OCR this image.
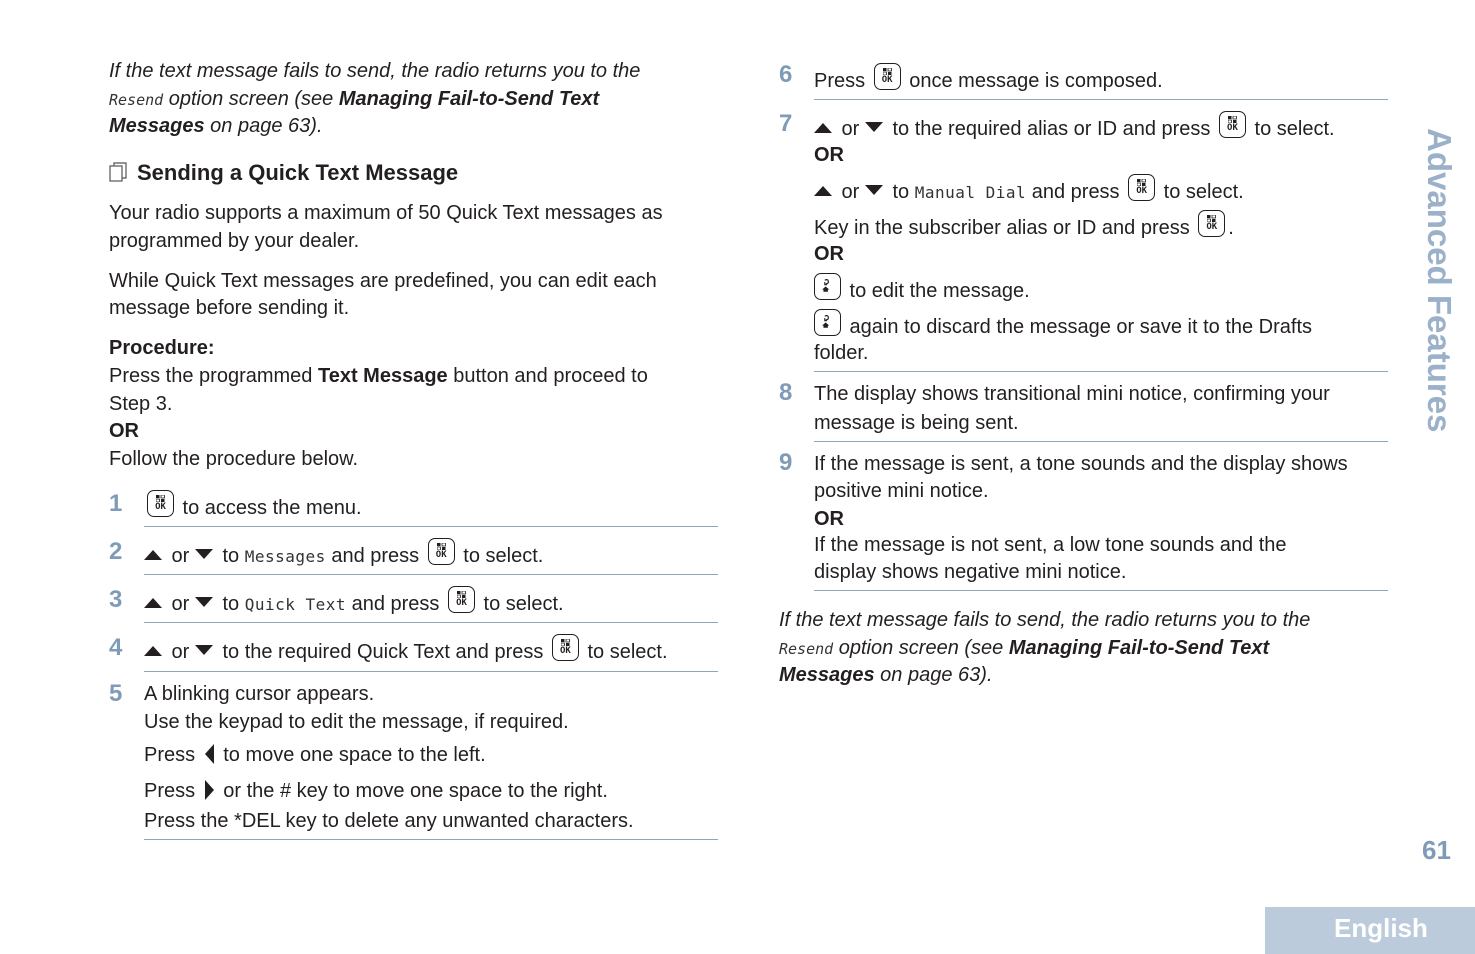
If the text message fails to send, the radio returns you to the
Resend option screen (see Managing Fail-to-Send Text
Messages on page 63).
Sending a Quick Text Message
Your radio supports a maximum of 50 Quick Text messages as
programmed by your dealer.
While Quick Text messages are predefined, you can edit each
message before sending it.
Procedure:
Press the programmed Text Message button and proceed to
Step 3.
OR
Follow the procedure below.
1	OK to access the menu.
2	or  to Messages and press	OK to select.
3	or  to Quick Text and press	OK to select.
4	or  to the required Quick Text and press	OK to select.
5 A blinking cursor appears.
Use the keypad to edit the message, if required.
Press  to move one space to the left.
Press  or the # key to move one space to the right.
Press the *DEL key to delete any unwanted characters.
6 Press	OK once message is composed.
7	or  to the required alias or ID and press	OK to select.
OR
or  to Manual Dial and press	OK to select.
Key in the subscriber alias or ID and press	OK .
OR
to edit the message.
again to discard the message or save it to the Drafts
folder.
8 The display shows transitional mini notice, confirming your
message is being sent.
9 If the message is sent, a tone sounds and the display shows
positive mini notice.
OR
If the message is not sent, a low tone sounds and the
display shows negative mini notice.
If the text message fails to send, the radio returns you to the
Resend option screen (see Managing Fail-to-Send Text
Messages on page 63).
Advanced Features
61
English
